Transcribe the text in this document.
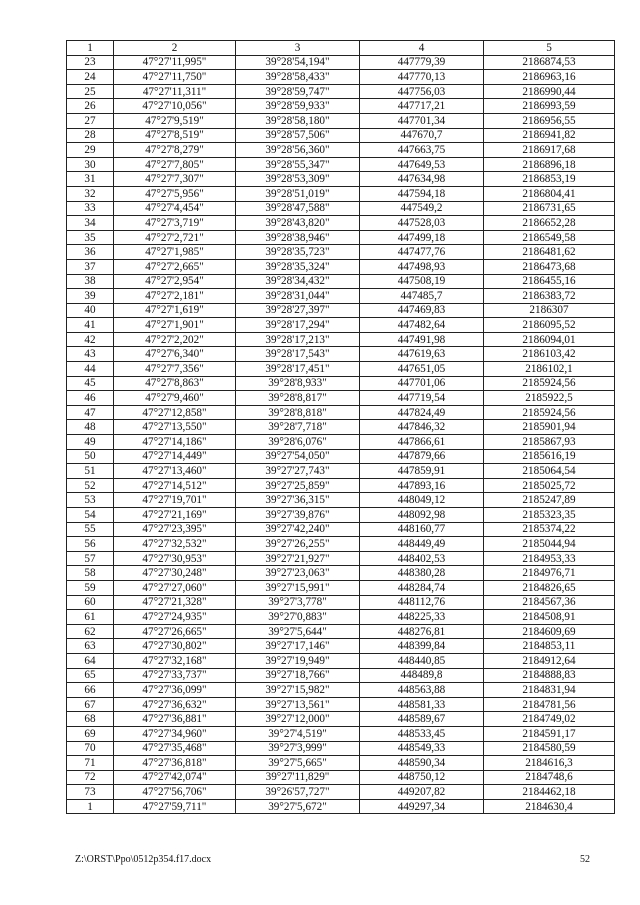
1	2	3	4	5
23	47°27'11,995"	39°28'54,194"	447779,39	2186874,53
24	47°27'11,750"	39°28'58,433"	447770,13	2186963,16
25	47°27'11,311"	39°28'59,747"	447756,03	2186990,44
26	47°27'10,056"	39°28'59,933"	447717,21	2186993,59
27	47°27'9,519"	39°28'58,180"	447701,34	2186956,55
28	47°27'8,519"	39°28'57,506"	447670,7	2186941,82
29	47°27'8,279"	39°28'56,360"	447663,75	2186917,68
30	47°27'7,805"	39°28'55,347"	447649,53	2186896,18
31	47°27'7,307"	39°28'53,309"	447634,98	2186853,19
32	47°27'5,956"	39°28'51,019"	447594,18	2186804,41
33	47°27'4,454"	39°28'47,588"	447549,2	2186731,65
34	47°27'3,719"	39°28'43,820"	447528,03	2186652,28
35	47°27'2,721"	39°28'38,946"	447499,18	2186549,58
36	47°27'1,985"	39°28'35,723"	447477,76	2186481,62
37	47°27'2,665"	39°28'35,324"	447498,93	2186473,68
38	47°27'2,954"	39°28'34,432"	447508,19	2186455,16
39	47°27'2,181"	39°28'31,044"	447485,7	2186383,72
40	47°27'1,619"	39°28'27,397"	447469,83	2186307
41	47°27'1,901"	39°28'17,294"	447482,64	2186095,52
42	47°27'2,202"	39°28'17,213"	447491,98	2186094,01
43	47°27'6,340"	39°28'17,543"	447619,63	2186103,42
44	47°27'7,356"	39°28'17,451"	447651,05	2186102,1
45	47°27'8,863"	39°28'8,933"	447701,06	2185924,56
46	47°27'9,460"	39°28'8,817"	447719,54	2185922,5
47	47°27'12,858"	39°28'8,818"	447824,49	2185924,56
48	47°27'13,550"	39°28'7,718"	447846,32	2185901,94
49	47°27'14,186"	39°28'6,076"	447866,61	2185867,93
50	47°27'14,449"	39°27'54,050"	447879,66	2185616,19
51	47°27'13,460"	39°27'27,743"	447859,91	2185064,54
52	47°27'14,512"	39°27'25,859"	447893,16	2185025,72
53	47°27'19,701"	39°27'36,315"	448049,12	2185247,89
54	47°27'21,169"	39°27'39,876"	448092,98	2185323,35
55	47°27'23,395"	39°27'42,240"	448160,77	2185374,22
56	47°27'32,532"	39°27'26,255"	448449,49	2185044,94
57	47°27'30,953"	39°27'21,927"	448402,53	2184953,33
58	47°27'30,248"	39°27'23,063"	448380,28	2184976,71
59	47°27'27,060"	39°27'15,991"	448284,74	2184826,65
60	47°27'21,328"	39°27'3,778"	448112,76	2184567,36
61	47°27'24,935"	39°27'0,883"	448225,33	2184508,91
62	47°27'26,665"	39°27'5,644"	448276,81	2184609,69
63	47°27'30,802"	39°27'17,146"	448399,84	2184853,11
64	47°27'32,168"	39°27'19,949"	448440,85	2184912,64
65	47°27'33,737"	39°27'18,766"	448489,8	2184888,83
66	47°27'36,099"	39°27'15,982"	448563,88	2184831,94
67	47°27'36,632"	39°27'13,561"	448581,33	2184781,56
68	47°27'36,881"	39°27'12,000"	448589,67	2184749,02
69	47°27'34,960"	39°27'4,519"	448533,45	2184591,17
70	47°27'35,468"	39°27'3,999"	448549,33	2184580,59
71	47°27'36,818"	39°27'5,665"	448590,34	2184616,3
72	47°27'42,074"	39°27'11,829"	448750,12	2184748,6
73	47°27'56,706"	39°26'57,727"	449207,82	2184462,18
1	47°27'59,711"	39°27'5,672"	449297,34	2184630,4
Z:\ORST\Ppo\0512p354.f17.docx	52
